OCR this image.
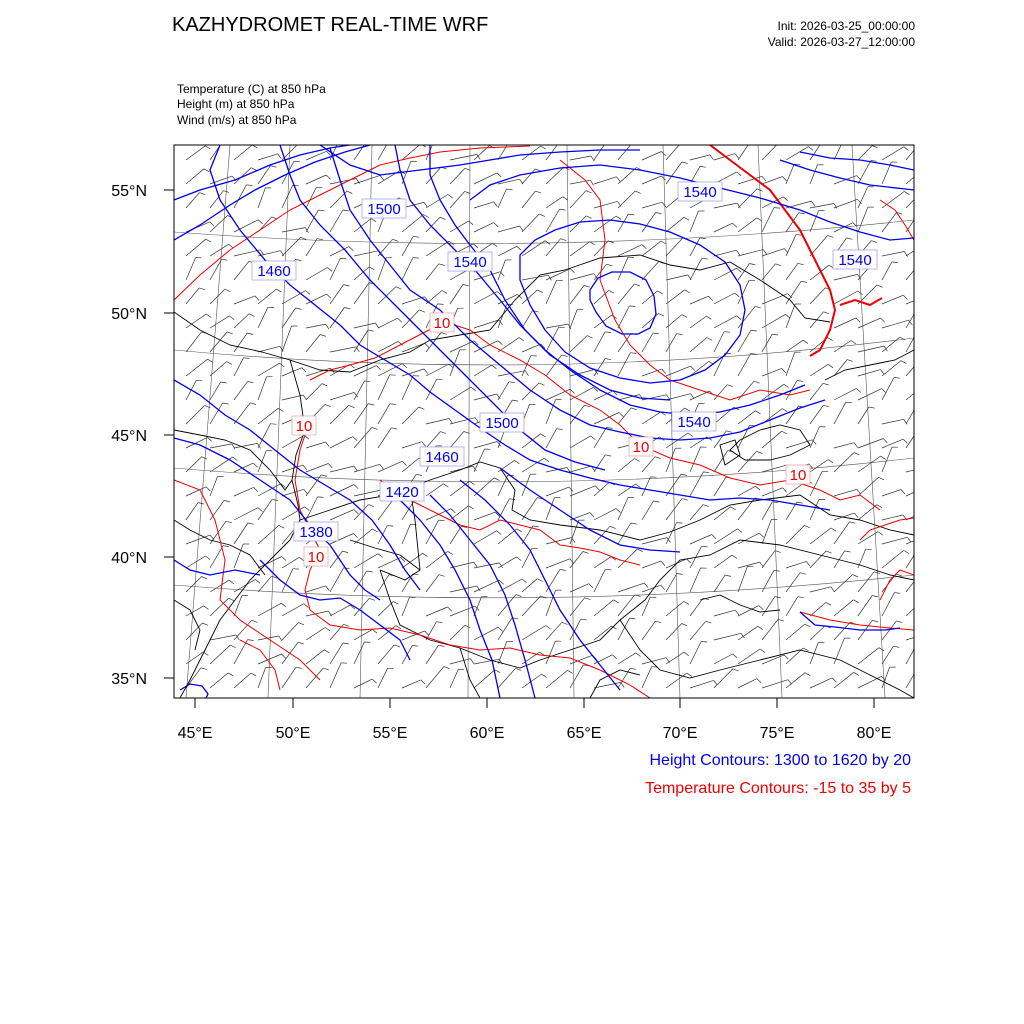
KAZHYDROMET REAL-TIME WRF	Init: 2026-03-25_00:00:00
Valid: 2026-03-27_12:00:00
Temperature (C) at 850 hPa
Height (m) at 850 hPa
Wind (m/s) at 850 hPa
1500
1540
1460
1540	1540
1500	1540
1460
1420
1380
10
10
10
10
10
55°N
50°N
45°N
40°N
35°N
45°E	50°E	55°E	60°E	65°E	70°E	75°E	80°E
Height Contours: 1300 to 1620 by 20
Temperature Contours: -15 to 35 by 5
